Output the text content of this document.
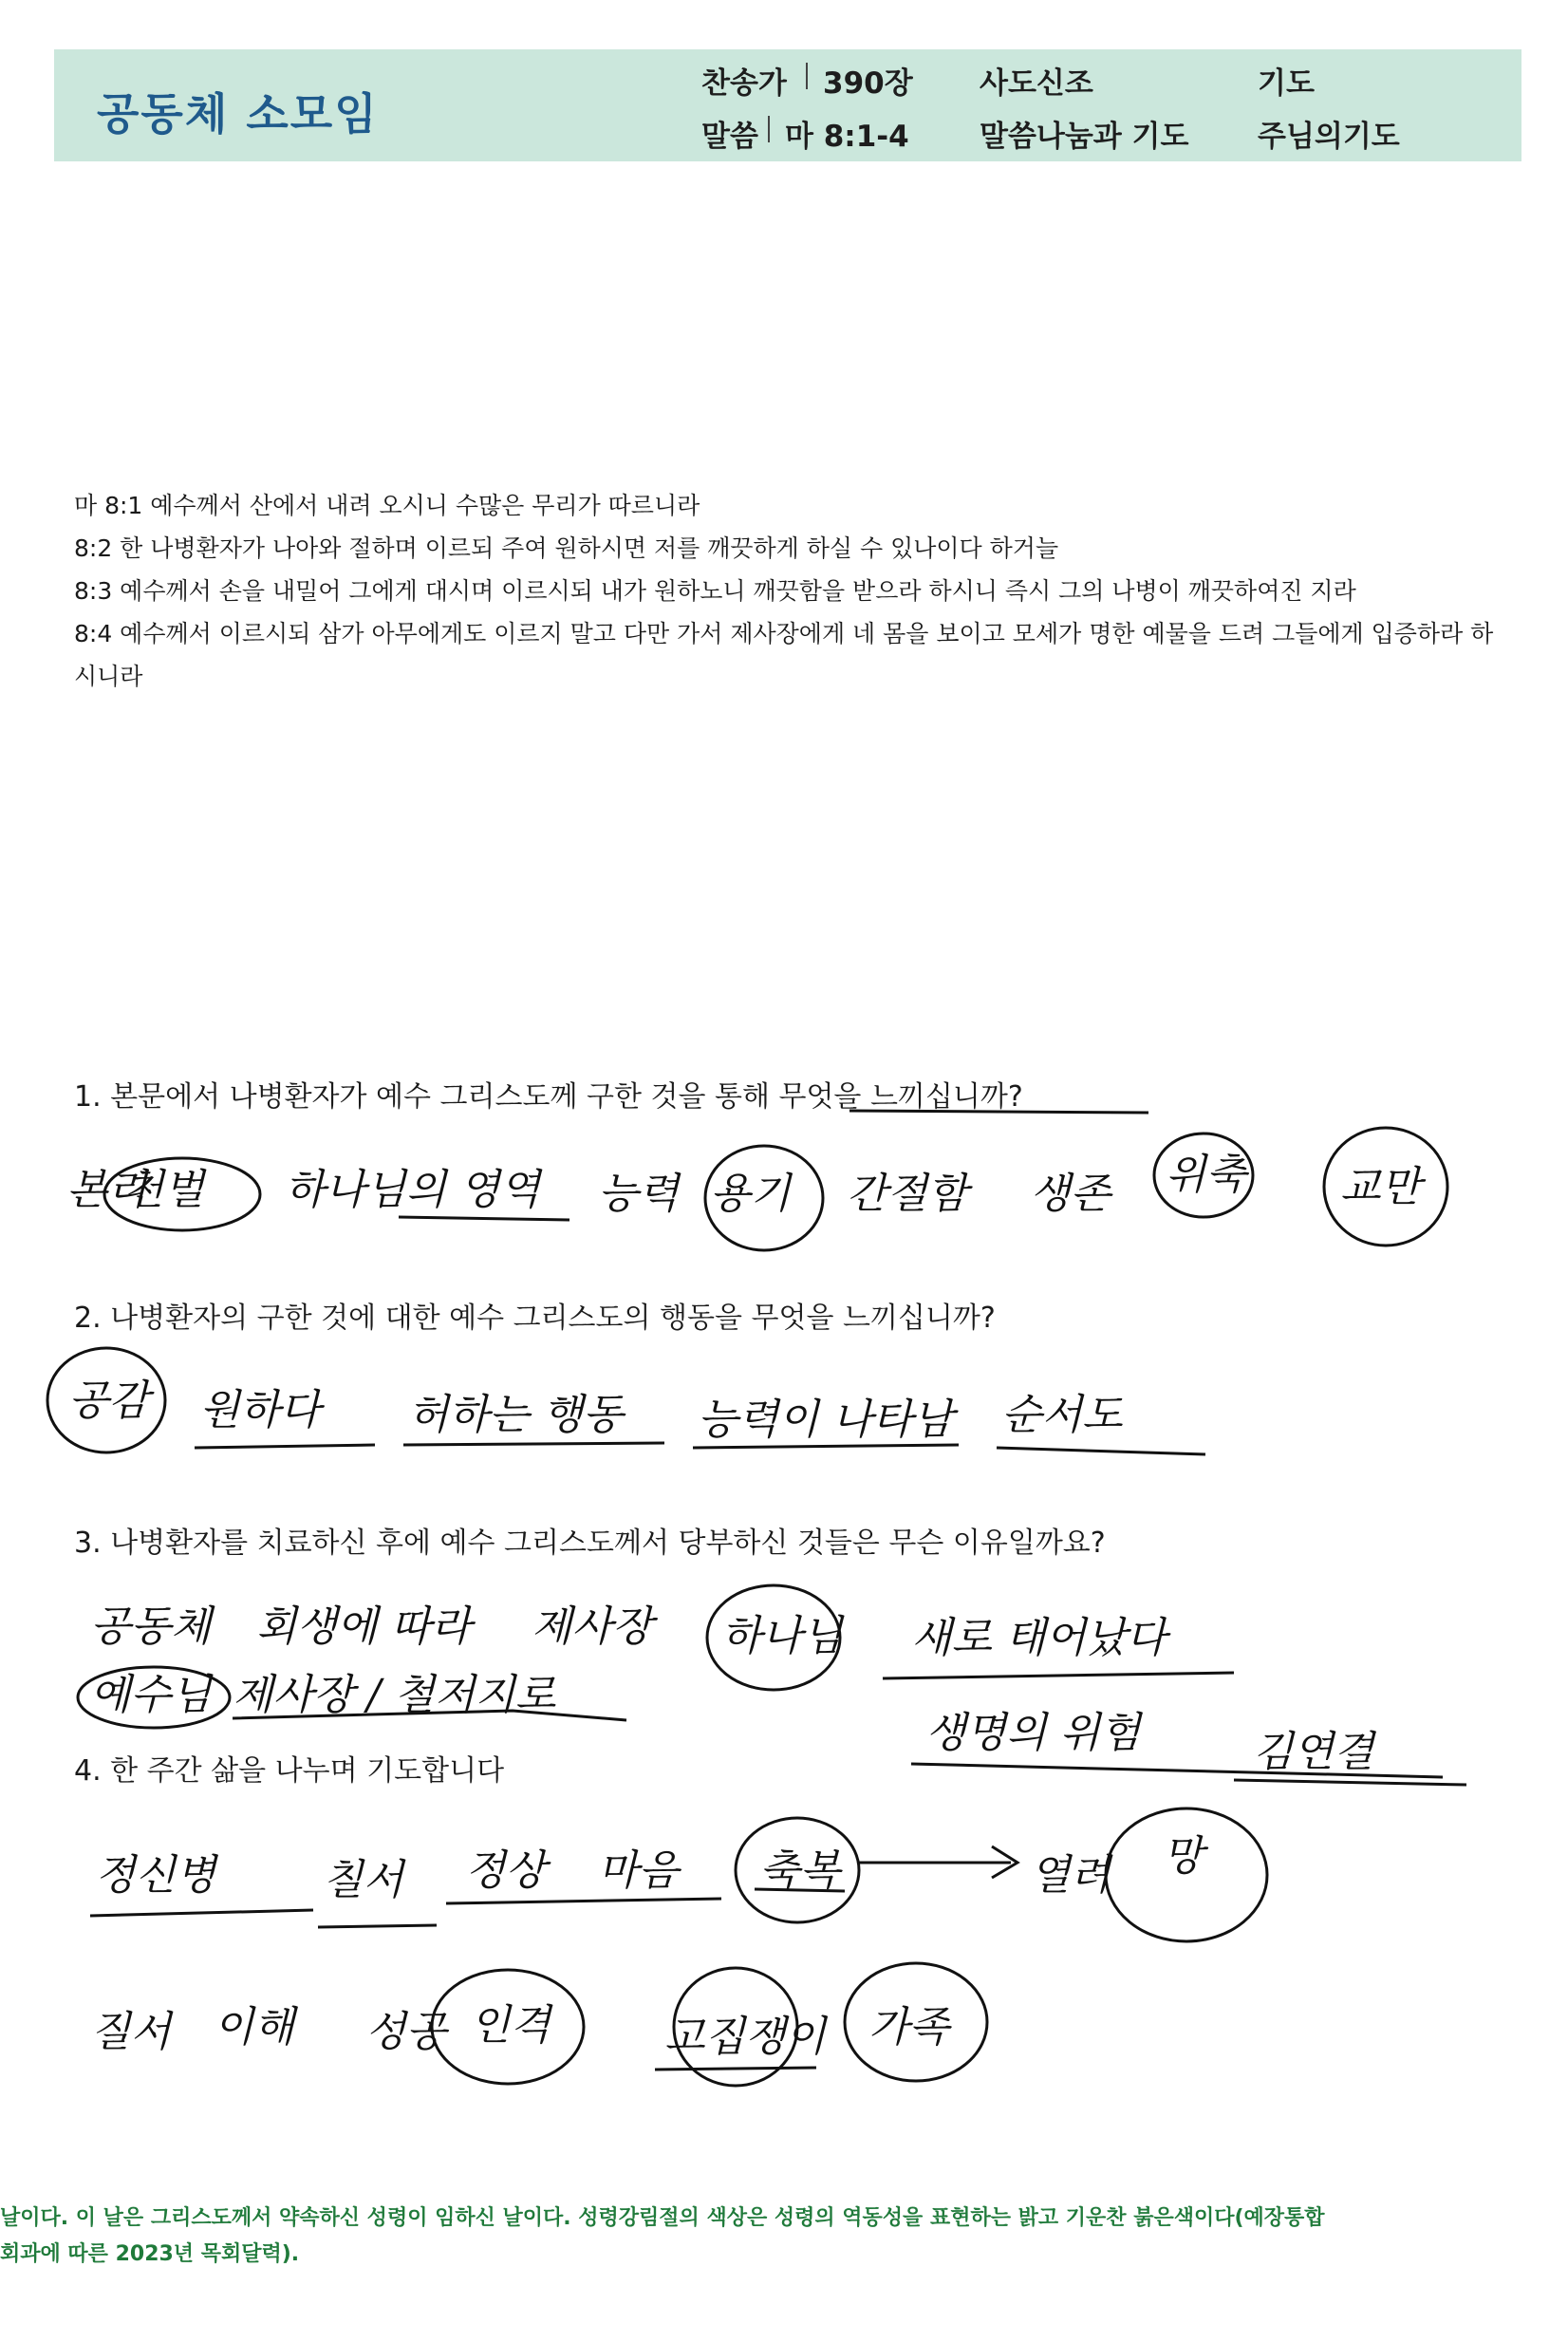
공동체 소모임
찬송가 390장
말씀 마 8:1-4
사도신조
말씀나눔과 기도
기도
주님의기도
마 8:1 예수께서 산에서 내려 오시니 수많은 무리가 따르니라
8:2 한 나병환자가 나아와 절하며 이르되 주여 원하시면 저를 깨끗하게 하실 수 있나이다 하거늘
8:3 예수께서 손을 내밀어 그에게 대시며 이르시되 내가 원하노니 깨끗함을 받으라 하시니 즉시 그의 나병이 깨끗하여진 지라
8:4 예수께서 이르시되 삼가 아무에게도 이르지 말고 다만 가서 제사장에게 네 몸을 보이고 모세가 명한 예물을 드려 그들에게 입증하라 하시니라
1. 본문에서 나병환자가 예수 그리스도께 구한 것을 통해 무엇을 느끼십니까?
2. 나병환자의 구한 것에 대한 예수 그리스도의 행동을 무엇을 느끼십니까?
3. 나병환자를 치료하신 후에 예수 그리스도께서 당부하신 것들은 무슨 이유일까요?
4. 한 주간 삶을 나누며 기도합니다
본리
천벌 하나님의 영역 능력 용기 간절함 생존 위축 교만
공감 원하다 허하는 행동 능력이 나타남 순서도
공동체 회생에 따라 제사장 하나님 새로 태어났다
예수님 제사장 / 철저지로
생명의 위험	김연결
정신병	칠서 정상 마음 축복	열려 망
질서 이해 성공 인격	고집쟁이 가족
날이다. 이 날은 그리스도께서 약속하신 성령이 임하신 날이다. 성령강림절의 색상은 성령의 역동성을 표현하는 밝고 기운찬 붉은색이다(예장통합
회과에 따른 2023년 목회달력).
